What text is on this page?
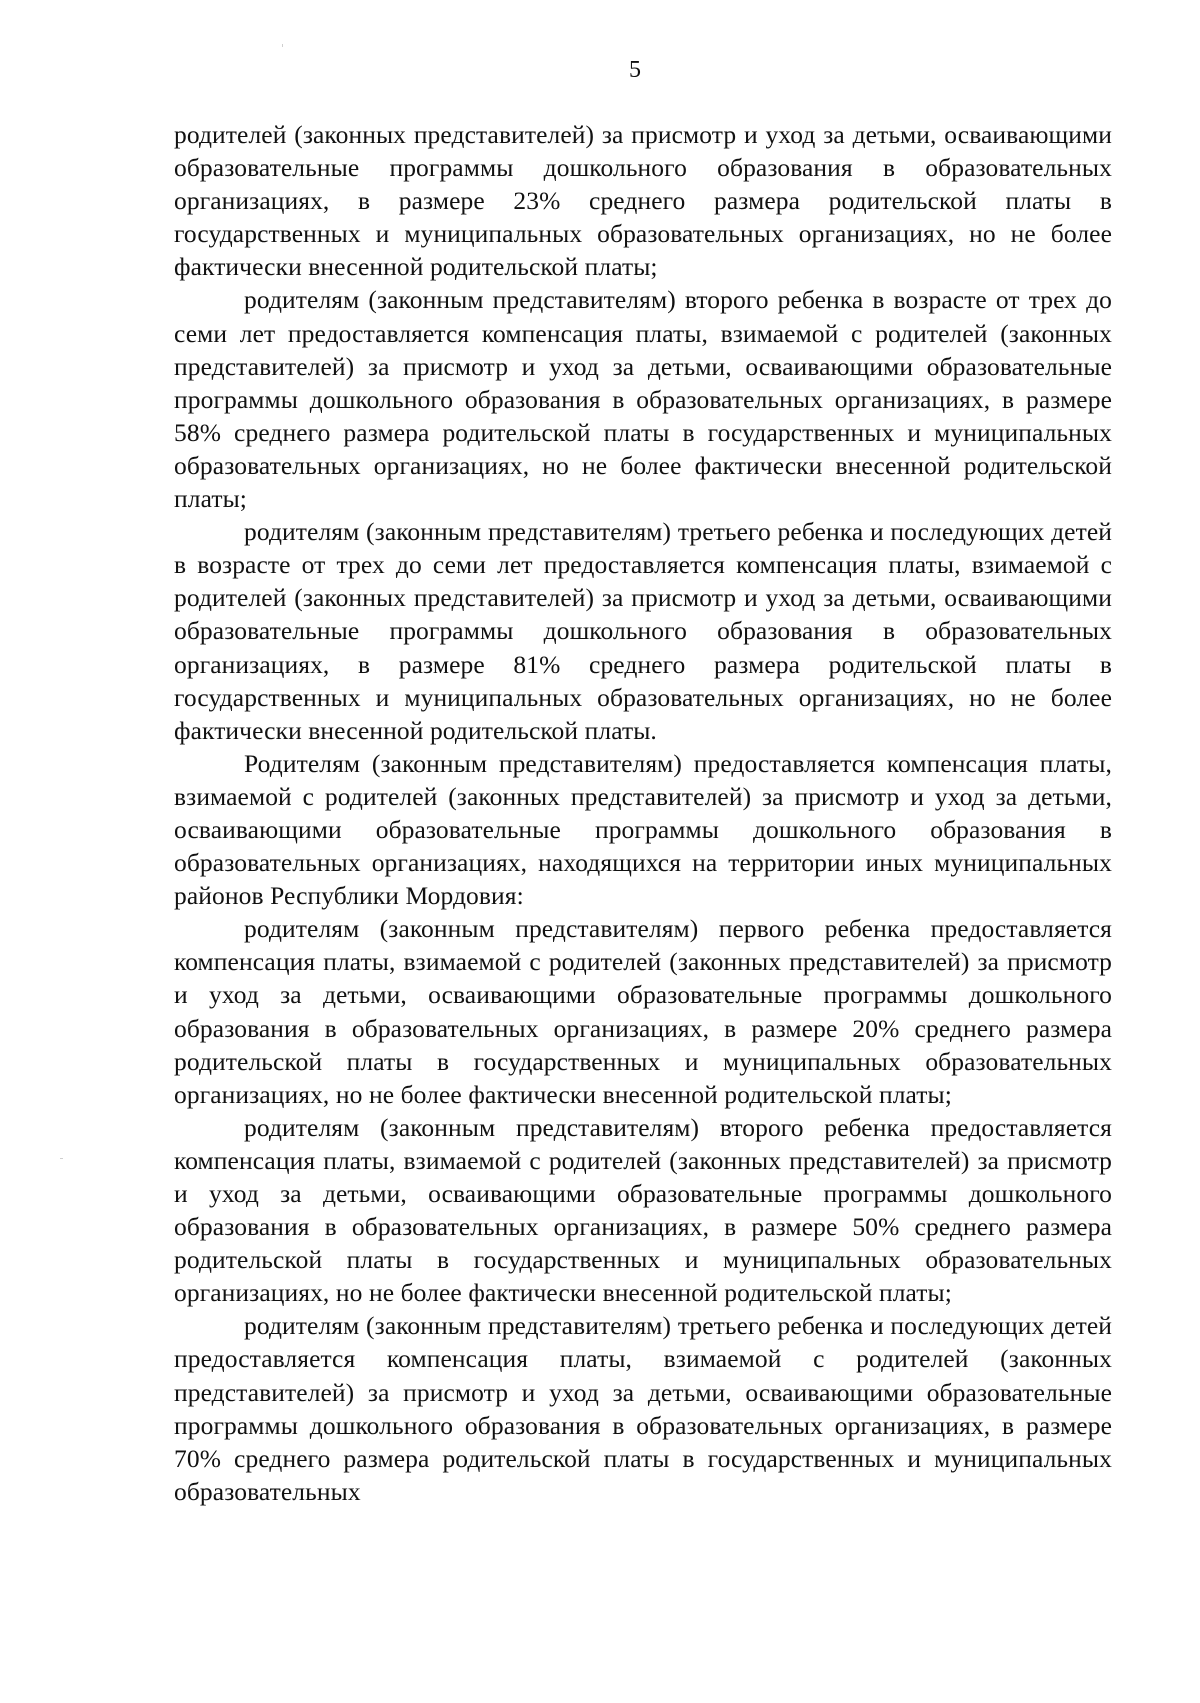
5

родителей (законных представителей) за присмотр и уход за детьми, осваивающими образовательные программы дошкольного образования в образовательных организациях, в размере 23% среднего размера родительской платы в государственных и муниципальных образовательных организациях, но не более фактически внесенной родительской платы;

родителям (законным представителям) второго ребенка в возрасте от трех до семи лет предоставляется компенсация платы, взимаемой с родителей (законных представителей) за присмотр и уход за детьми, осваивающими образовательные программы дошкольного образования в образовательных организациях, в размере 58% среднего размера родительской платы в государственных и муниципальных образовательных организациях, но не более фактически внесенной родительской платы;

родителям (законным представителям) третьего ребенка и последующих детей в возрасте от трех до семи лет предоставляется компенсация платы, взимаемой с родителей (законных представителей) за присмотр и уход за детьми, осваивающими образовательные программы дошкольного образования в образовательных организациях, в размере 81% среднего размера родительской платы в государственных и муниципальных образовательных организациях, но не более фактически внесенной родительской платы.

Родителям (законным представителям) предоставляется компенсация платы, взимаемой с родителей (законных представителей) за присмотр и уход за детьми, осваивающими образовательные программы дошкольного образования в образовательных организациях, находящихся на территории иных муниципальных районов Республики Мордовия:

родителям (законным представителям) первого ребенка предоставляется компенсация платы, взимаемой с родителей (законных представителей) за присмотр и уход за детьми, осваивающими образовательные программы дошкольного образования в образовательных организациях, в размере 20% среднего размера родительской платы в государственных и муниципальных образовательных организациях, но не более фактически внесенной родительской платы;

родителям (законным представителям) второго ребенка предоставляется компенсация платы, взимаемой с родителей (законных представителей) за присмотр и уход за детьми, осваивающими образовательные программы дошкольного образования в образовательных организациях, в размере 50% среднего размера родительской платы в государственных и муниципальных образовательных организациях, но не более фактически внесенной родительской платы;

родителям (законным представителям) третьего ребенка и последующих детей предоставляется компенсация платы, взимаемой с родителей (законных представителей) за присмотр и уход за детьми, осваивающими образовательные программы дошкольного образования в образовательных организациях, в размере 70% среднего размера родительской платы в государственных и муниципальных образовательных
